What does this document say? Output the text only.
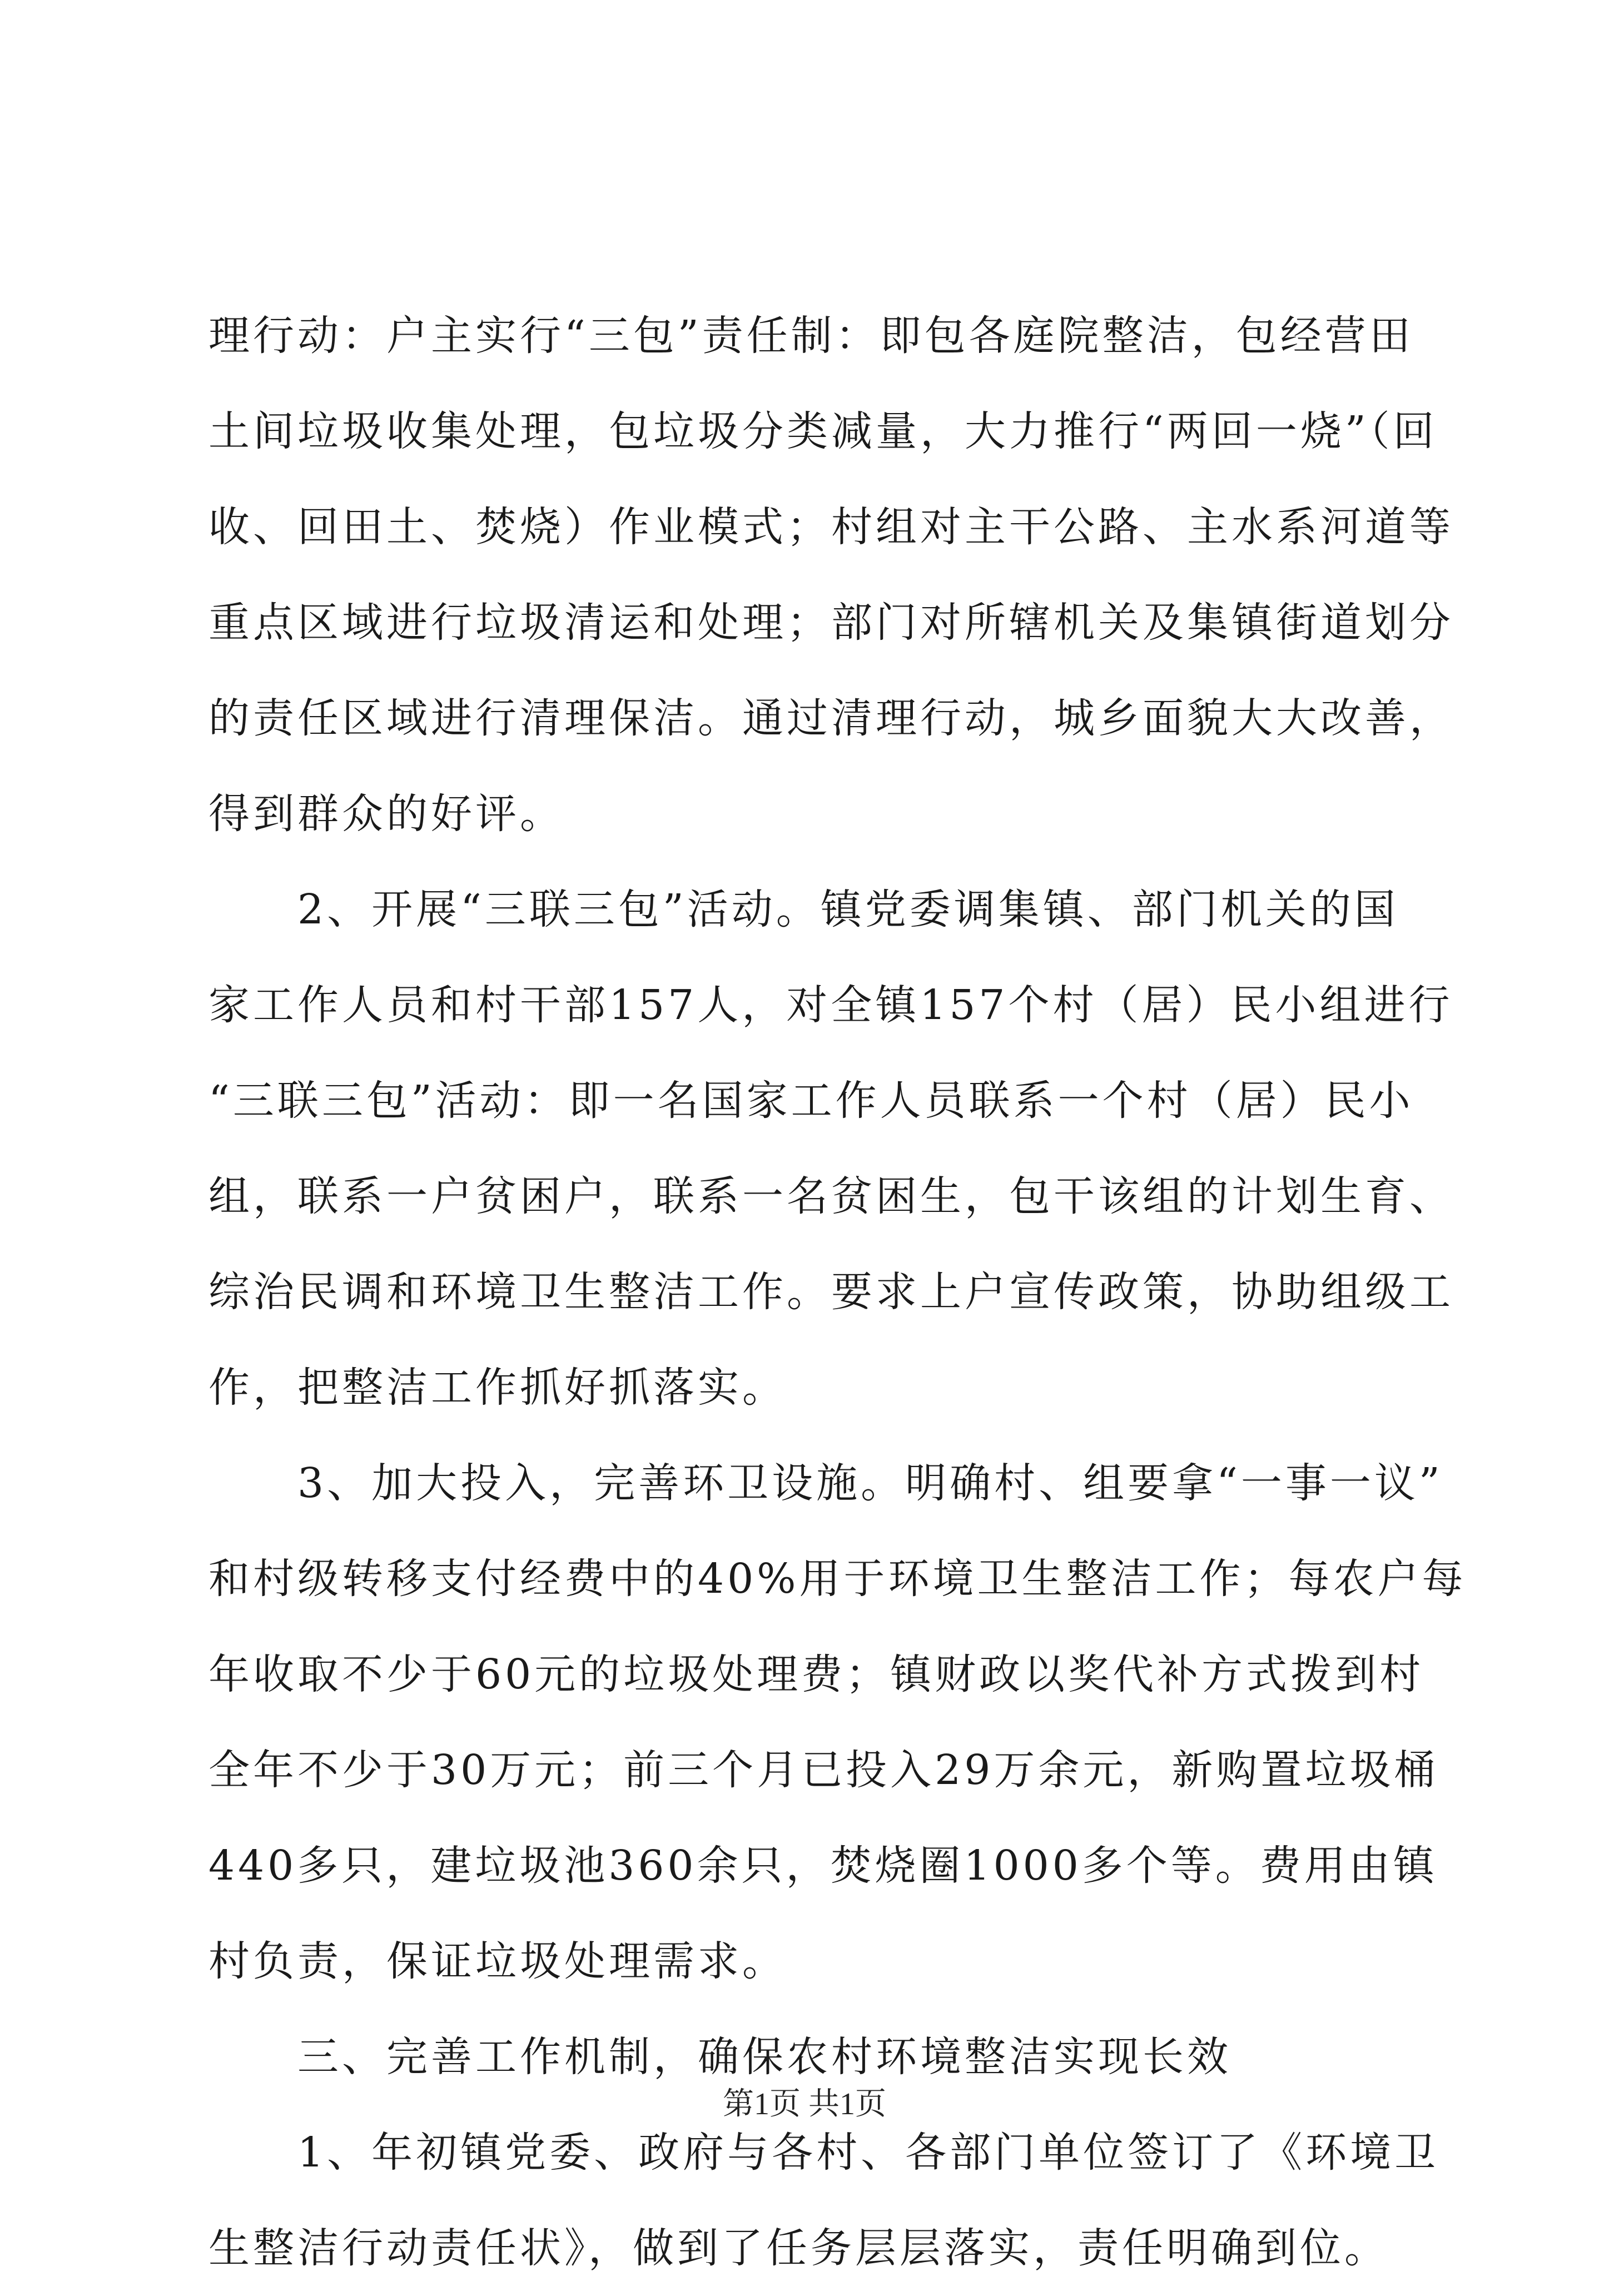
理行动：户主实行“三包”责任制：即包各庭院整洁，包经营田
土间垃圾收集处理，包垃圾分类减量，大力推行“两回一烧”（回
收、回田土、焚烧）作业模式；村组对主干公路、主水系河道等
重点区域进行垃圾清运和处理；部门对所辖机关及集镇街道划分
的责任区域进行清理保洁。通过清理行动，城乡面貌大大改善，
得到群众的好评。
2、开展“三联三包”活动。镇党委调集镇、部门机关的国
家工作人员和村干部157人，对全镇157个村（居）民小组进行
“三联三包”活动：即一名国家工作人员联系一个村（居）民小
组，联系一户贫困户，联系一名贫困生，包干该组的计划生育、
综治民调和环境卫生整洁工作。要求上户宣传政策，协助组级工
作，把整洁工作抓好抓落实。
3、加大投入，完善环卫设施。明确村、组要拿“一事一议”
和村级转移支付经费中的40%用于环境卫生整洁工作；每农户每
年收取不少于60元的垃圾处理费；镇财政以奖代补方式拨到村
全年不少于30万元；前三个月已投入29万余元，新购置垃圾桶
440多只，建垃圾池360余只，焚烧圈1000多个等。费用由镇
村负责，保证垃圾处理需求。
三、完善工作机制，确保农村环境整洁实现长效
1、年初镇党委、政府与各村、各部门单位签订了《环境卫
生整洁行动责任状》，做到了任务层层落实，责任明确到位。
第1页 共1页
